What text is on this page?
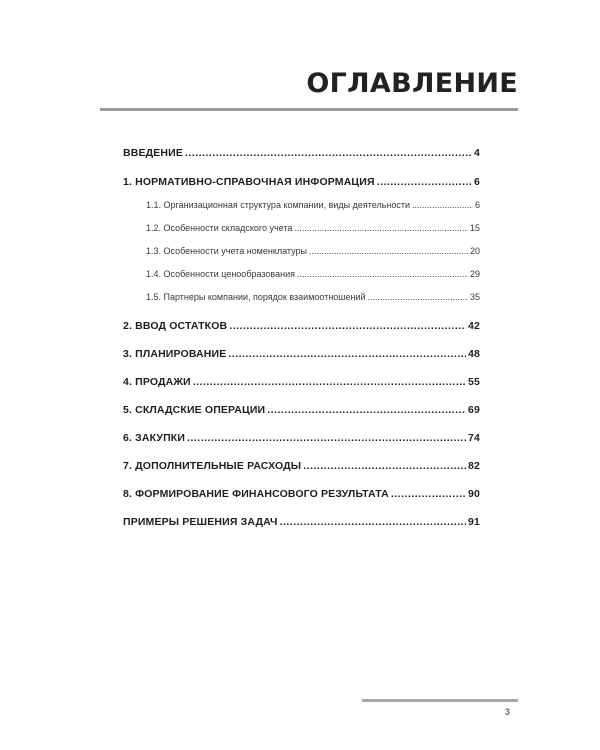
ОГЛАВЛЕНИЕ
ВВЕДЕНИЕ .....	4
1. НОРМАТИВНО-СПРАВОЧНАЯ ИНФОРМАЦИЯ .....	6
1.1. Организационная структура компании, виды деятельности .....	6
1.2. Особенности складского учета .....	15
1.3. Особенности учета номенклатуры .....	20
1.4. Особенности ценообразования .....	29
1.5. Партнеры компании, порядок взаимоотношений .....	35
2. ВВОД ОСТАТКОВ .....	42
3. ПЛАНИРОВАНИЕ .....	48
4. ПРОДАЖИ .....	55
5. СКЛАДСКИЕ ОПЕРАЦИИ .....	69
6. ЗАКУПКИ .....	74
7. ДОПОЛНИТЕЛЬНЫЕ РАСХОДЫ .....	82
8. ФОРМИРОВАНИЕ ФИНАНСОВОГО РЕЗУЛЬТАТА .....	90
ПРИМЕРЫ РЕШЕНИЯ ЗАДАЧ .....	91
3
